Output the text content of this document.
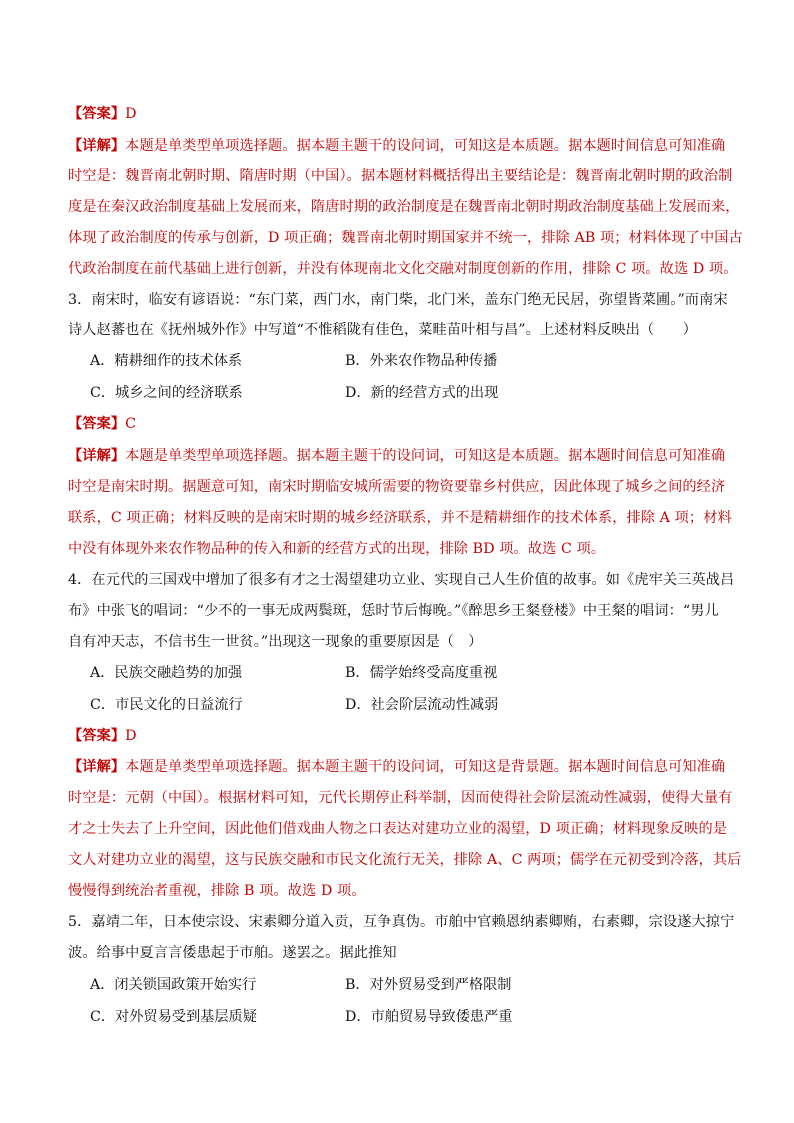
【答案】D
【详解】本题是单类型单项选择题。据本题主题干的设问词，可知这是本质题。据本题时间信息可知准确
时空是：魏晋南北朝时期、隋唐时期（中国）。据本题材料概括得出主要结论是：魏晋南北朝时期的政治制
度是在秦汉政治制度基础上发展而来，隋唐时期的政治制度是在魏晋南北朝时期政治制度基础上发展而来，
体现了政治制度的传承与创新，D 项正确；魏晋南北朝时期国家并不统一，排除 AB 项；材料体现了中国古
代政治制度在前代基础上进行创新，并没有体现南北文化交融对制度创新的作用，排除 C 项。故选 D 项。
3．南宋时，临安有谚语说：“东门菜，西门水，南门柴，北门米，盖东门绝无民居，弥望皆菜圃。”而南宋
诗人赵蕃也在《抚州城外作》中写道“不惟稻陇有佳色，菜畦苗叶相与昌”。上述材料反映出（　　）
A．精耕细作的技术体系	B．外来农作物品种传播
C．城乡之间的经济联系	D．新的经营方式的出现
【答案】C
【详解】本题是单类型单项选择题。据本题主题干的设问词，可知这是本质题。据本题时间信息可知准确
时空是南宋时期。据题意可知，南宋时期临安城所需要的物资要靠乡村供应，因此体现了城乡之间的经济
联系，C 项正确；材料反映的是南宋时期的城乡经济联系，并不是精耕细作的技术体系，排除 A 项；材料
中没有体现外来农作物品种的传入和新的经营方式的出现，排除 BD 项。故选 C 项。
4．在元代的三国戏中增加了很多有才之士渴望建功立业、实现自己人生价值的故事。如《虎牢关三英战吕
布》中张飞的唱词：“少不的一事无成两鬓斑，恁时节后悔晚。”《醉思乡王粲登楼》中王粲的唱词：“男儿
自有冲天志，不信书生一世贫。”出现这一现象的重要原因是（　）
A．民族交融趋势的加强	B．儒学始终受高度重视
C．市民文化的日益流行	D．社会阶层流动性减弱
【答案】D
【详解】本题是单类型单项选择题。据本题主题干的设问词，可知这是背景题。据本题时间信息可知准确
时空是：元朝（中国）。根据材料可知，元代长期停止科举制，因而使得社会阶层流动性减弱，使得大量有
才之士失去了上升空间，因此他们借戏曲人物之口表达对建功立业的渴望，D 项正确；材料现象反映的是
文人对建功立业的渴望，这与民族交融和市民文化流行无关，排除 A、C 两项；儒学在元初受到冷落，其后
慢慢得到统治者重视，排除 B 项。故选 D 项。
5．嘉靖二年，日本使宗设、宋素卿分道入贡，互争真伪。市舶中官赖恩纳素卿贿，右素卿，宗设遂大掠宁
波。给事中夏言言倭患起于市舶。遂罢之。据此推知
A．闭关锁国政策开始实行	B．对外贸易受到严格限制
C．对外贸易受到基层质疑	D．市舶贸易导致倭患严重
